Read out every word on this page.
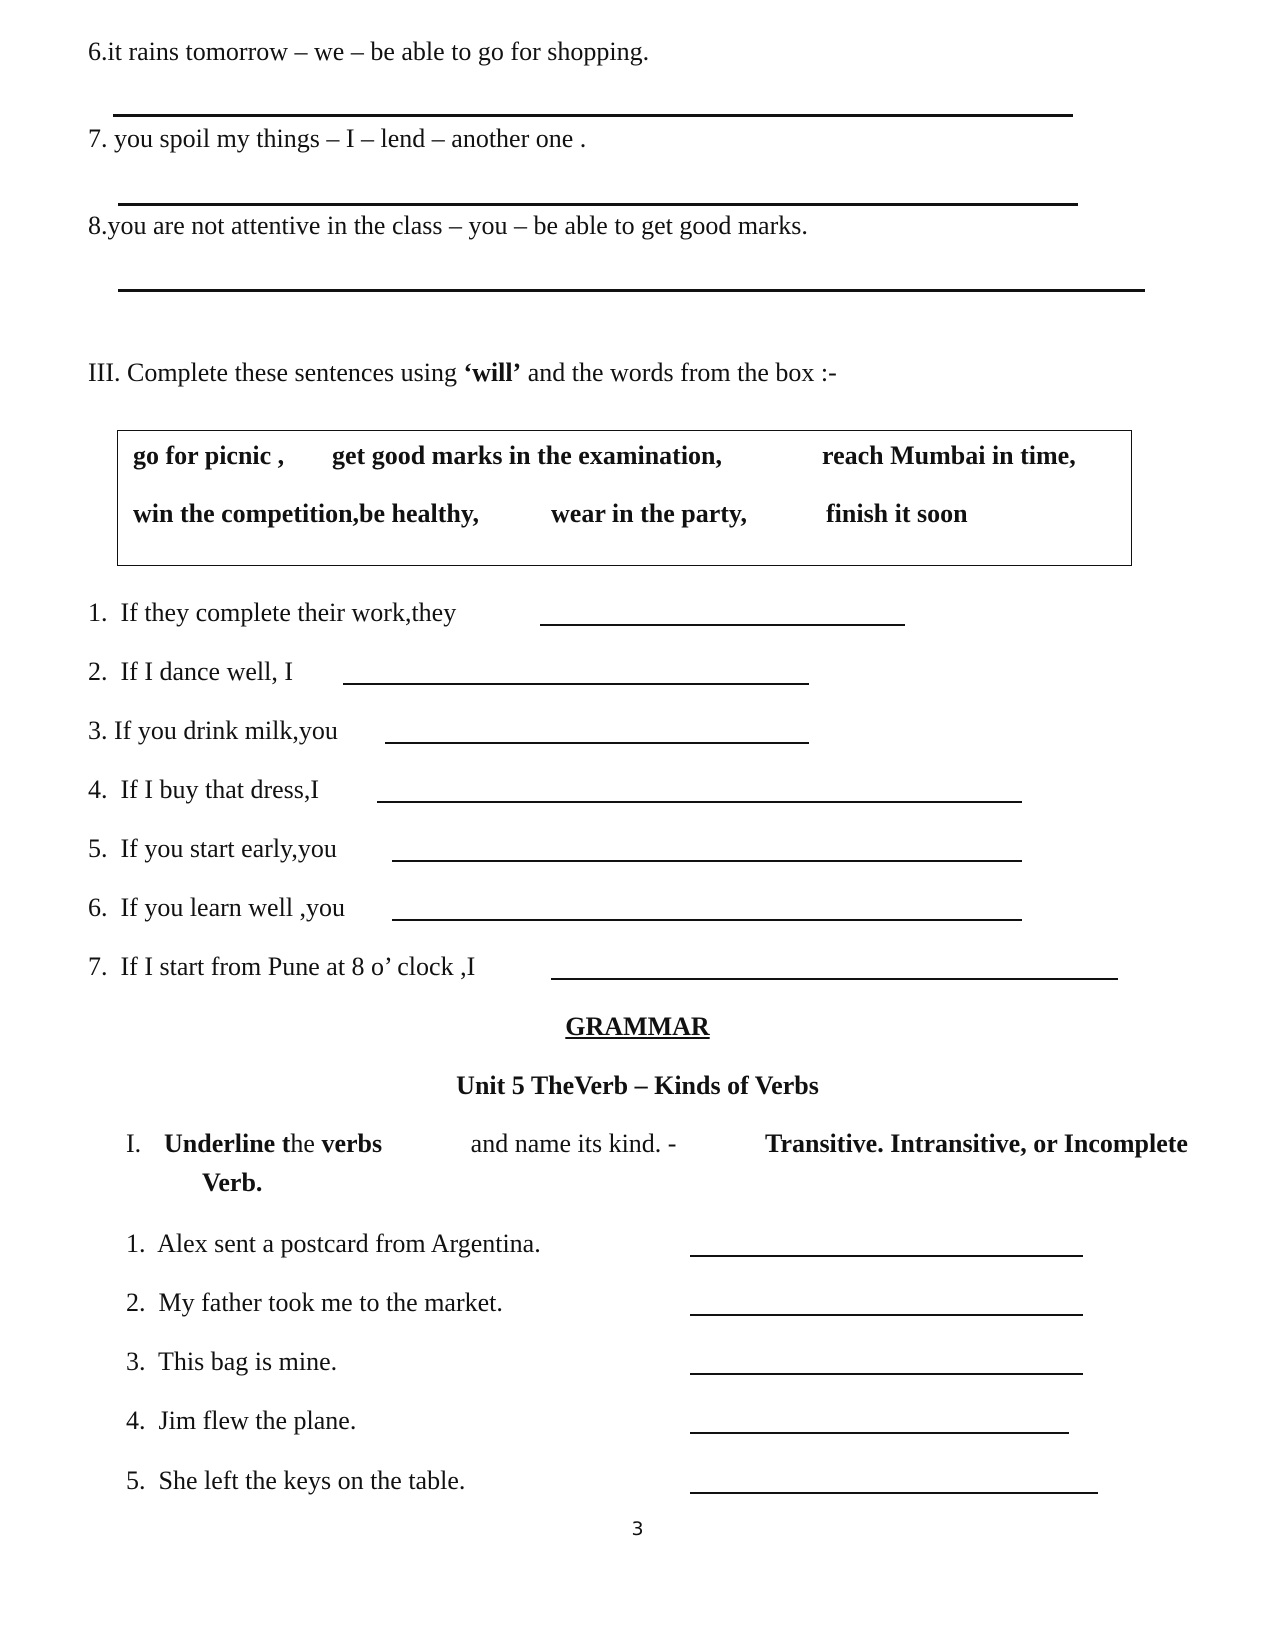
6.it rains tomorrow – we – be able to go for shopping.
7. you spoil my things – I – lend – another one .
8.you are not attentive in the class – you – be able to get good marks.
III. Complete these sentences using ‘will’ and the words from the box :-
go for picnic , get good marks in the examination,	reach Mumbai in time,
win the competition,be healthy,	wear in the party,	finish it soon
1. If they complete their work,they
2. If I dance well, I
3. If you drink milk,you
4. If I buy that dress,I
5. If you start early,you
6. If you learn well ,you
7. If I start from Pune at 8 o’ clock ,I
GRAMMAR
Unit 5 TheVerb – Kinds of Verbs
I. Underline the verbs	and name its kind. -	Transitive. Intransitive, or Incomplete
Verb.
1. Alex sent a postcard from Argentina.
2. My father took me to the market.
3. This bag is mine.
4. Jim flew the plane.
5. She left the keys on the table.
3
